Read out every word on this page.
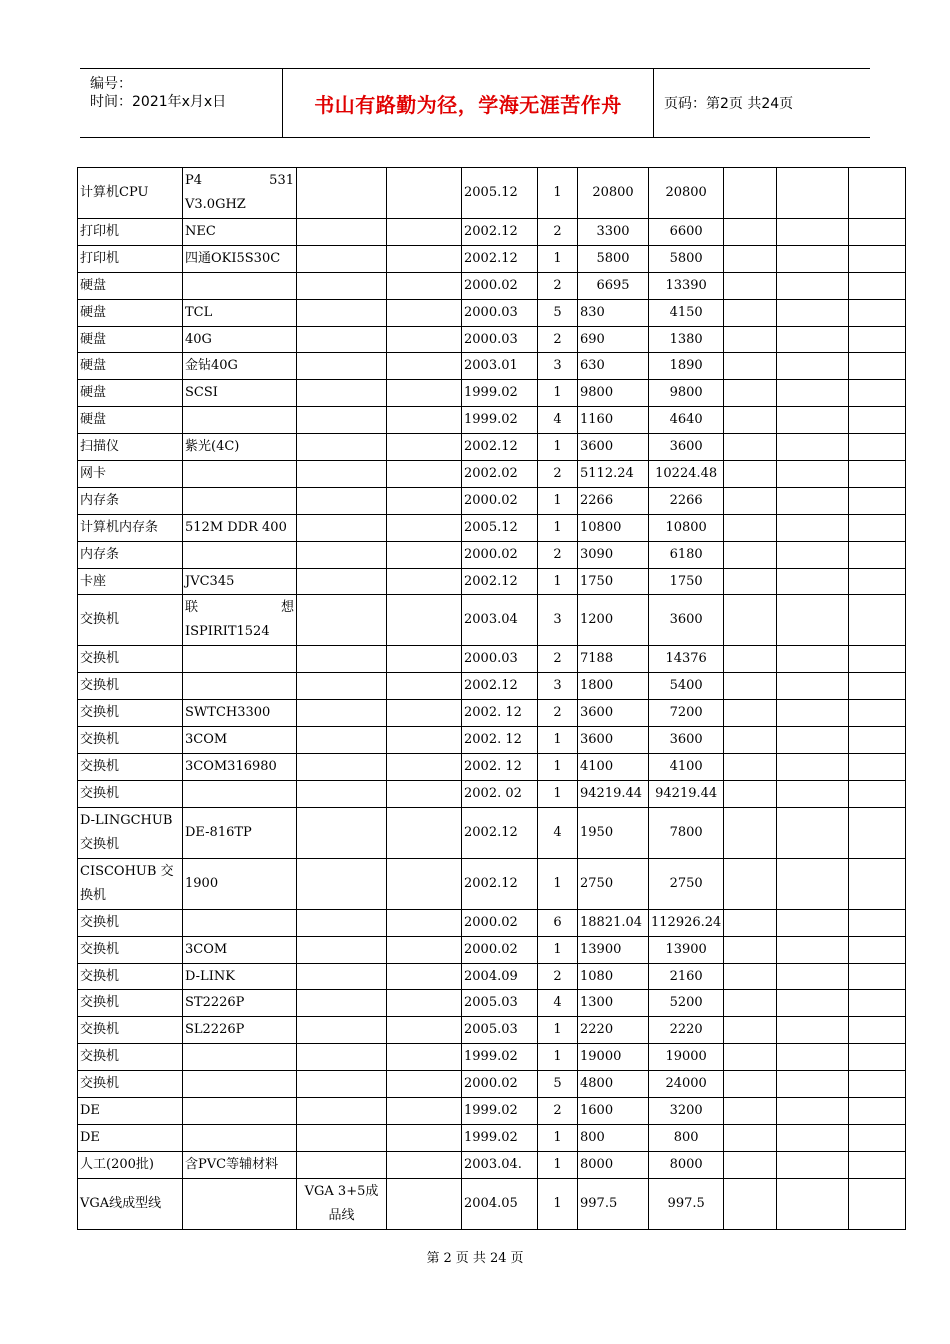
编号：
时间：2021年x月x日	书山有路勤为径，学海无涯苦作舟	页码：第2页 共24页
计算机CPU	P4 531 V3.0GHZ			2005.12	1	20800	20800			
打印机	NEC			2002.12	2	3300	6600			
打印机	四通OKI5S30C			2002.12	1	5800	5800			
硬盘				2000.02	2	6695	13390			
硬盘	TCL			2000.03	5	830	4150			
硬盘	40G			2000.03	2	690	1380			
硬盘	金钻40G			2003.01	3	630	1890			
硬盘	SCSI			1999.02	1	9800	9800			
硬盘				1999.02	4	1160	4640			
扫描仪	紫光(4C)			2002.12	1	3600	3600			
网卡				2002.02	2	5112.24	10224.48			
内存条				2000.02	1	2266	2266			
计算机内存条	512M DDR 400			2005.12	1	10800	10800			
内存条				2000.02	2	3090	6180			
卡座	JVC345			2002.12	1	1750	1750			
交换机	联 想 ISPIRIT1524			2003.04	3	1200	3600			
交换机				2000.03	2	7188	14376			
交换机				2002.12	3	1800	5400			
交换机	SWTCH3300			2002. 12	2	3600	7200			
交换机	3COM			2002. 12	1	3600	3600			
交换机	3COM316980			2002. 12	1	4100	4100			
交换机				2002. 02	1	94219.44	94219.44			
D-LINGCHUB 交换机	DE-816TP			2002.12	4	1950	7800			
CISCOHUB 交换机	1900			2002.12	1	2750	2750			
交换机				2000.02	6	18821.04	112926.24			
交换机	3COM			2000.02	1	13900	13900			
交换机	D-LINK			2004.09	2	1080	2160			
交换机	ST2226P			2005.03	4	1300	5200			
交换机	SL2226P			2005.03	1	2220	2220			
交换机				1999.02	1	19000	19000			
交换机				2000.02	5	4800	24000			
DE				1999.02	2	1600	3200			
DE				1999.02	1	800	800			
人工(200批)	含PVC等辅材料			2003.04.	1	8000	8000			
VGA线成型线		VGA 3+5成品线		2004.05	1	997.5	997.5			
第 2 页 共 24 页
